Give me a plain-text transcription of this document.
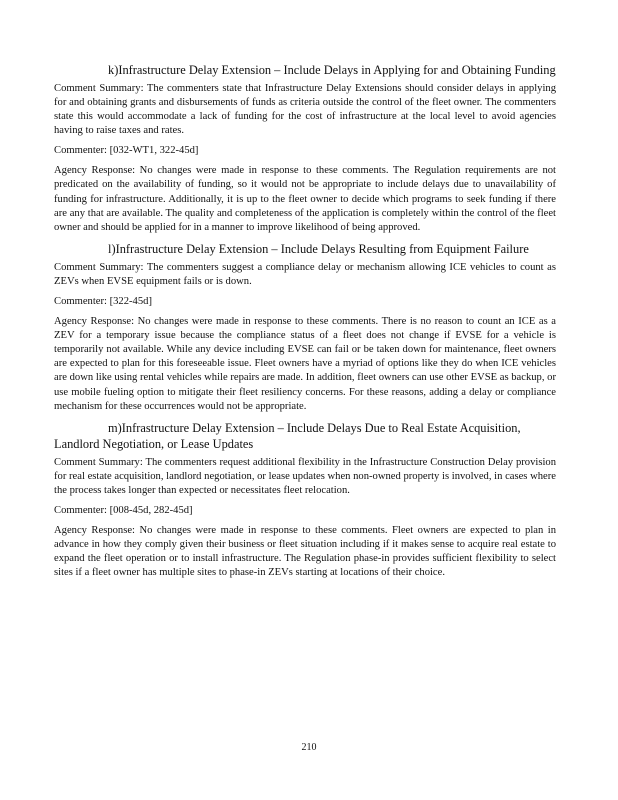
k)Infrastructure Delay Extension – Include Delays in Applying for and Obtaining Funding

Comment Summary: The commenters state that Infrastructure Delay Extensions should consider delays in applying for and obtaining grants and disbursements of funds as criteria outside the control of the fleet owner. The commenters state this would accommodate a lack of funding for the cost of infrastructure at the local level to avoid agencies having to raise taxes and rates.

Commenter: [032-WT1, 322-45d]

Agency Response: No changes were made in response to these comments. The Regulation requirements are not predicated on the availability of funding, so it would not be appropriate to include delays due to unavailability of funding for infrastructure. Additionally, it is up to the fleet owner to decide which programs to seek funding if there are any that are available. The quality and completeness of the application is completely within the control of the fleet owner and should be applied for in a manner to improve likelihood of being approved.

l)Infrastructure Delay Extension – Include Delays Resulting from Equipment Failure

Comment Summary: The commenters suggest a compliance delay or mechanism allowing ICE vehicles to count as ZEVs when EVSE equipment fails or is down.

Commenter: [322-45d]

Agency Response: No changes were made in response to these comments. There is no reason to count an ICE as a ZEV for a temporary issue because the compliance status of a fleet does not change if EVSE for a vehicle is temporarily not available. While any device including EVSE can fail or be taken down for maintenance, fleet owners are expected to plan for this foreseeable issue. Fleet owners have a myriad of options like they do when ICE vehicles are down like using rental vehicles while repairs are made. In addition, fleet owners can use other EVSE as backup, or use mobile fueling option to mitigate their fleet resiliency concerns. For these reasons, adding a delay or compliance mechanism for these occurrences would not be appropriate.

m)Infrastructure Delay Extension – Include Delays Due to Real Estate Acquisition, Landlord Negotiation, or Lease Updates

Comment Summary: The commenters request additional flexibility in the Infrastructure Construction Delay provision for real estate acquisition, landlord negotiation, or lease updates when non-owned property is involved, in cases where the process takes longer than expected or necessitates fleet relocation.

Commenter: [008-45d, 282-45d]

Agency Response: No changes were made in response to these comments. Fleet owners are expected to plan in advance in how they comply given their business or fleet situation including if it makes sense to acquire real estate to expand the fleet operation or to install infrastructure. The Regulation phase-in provides sufficient flexibility to select sites if a fleet owner has multiple sites to phase-in ZEVs starting at locations of their choice.

210
